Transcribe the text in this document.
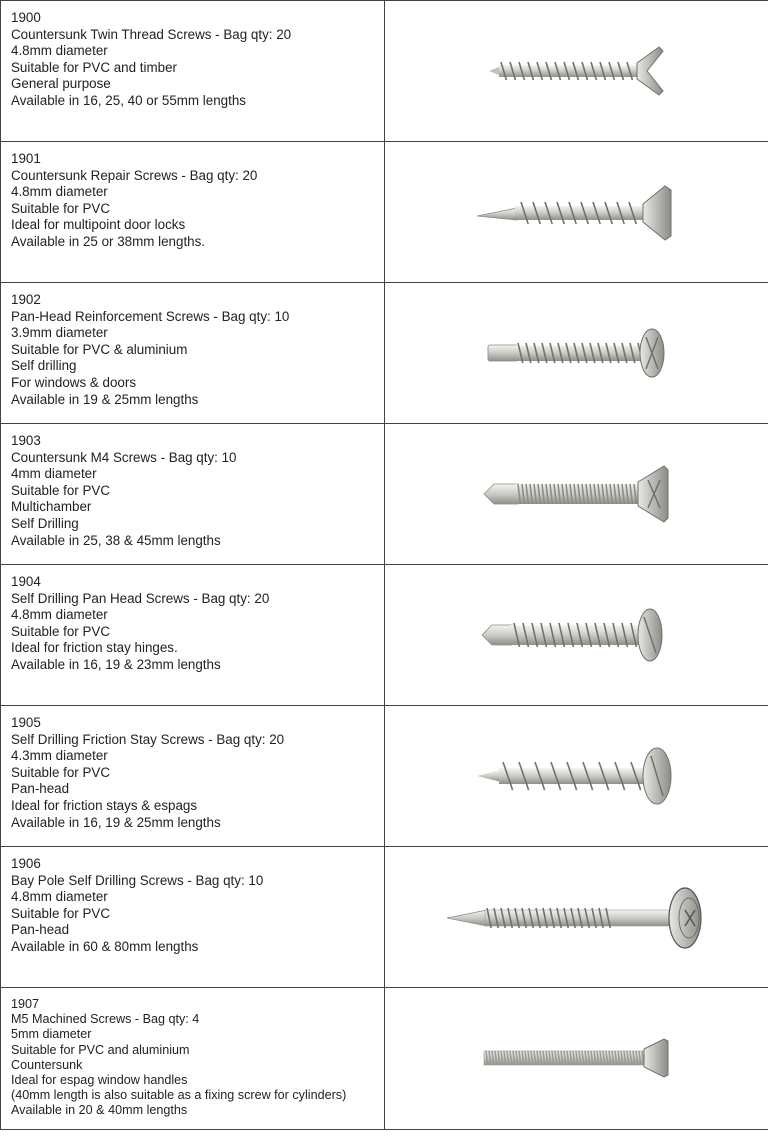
1900
Countersunk Twin Thread Screws - Bag qty: 20
4.8mm diameter
Suitable for PVC and timber
General purpose
Available in 16, 25, 40 or 55mm lengths

1901
Countersunk Repair Screws - Bag qty: 20
4.8mm diameter
Suitable for PVC
Ideal for multipoint door locks
Available in 25 or 38mm lengths.

1902
Pan-Head Reinforcement Screws - Bag qty: 10
3.9mm diameter
Suitable for PVC & aluminium
Self drilling
For windows & doors
Available in 19 & 25mm lengths

1903
Countersunk M4 Screws - Bag qty: 10
4mm diameter
Suitable for PVC
Multichamber
Self Drilling
Available in 25, 38 & 45mm lengths

1904
Self Drilling Pan Head Screws - Bag qty: 20
4.8mm diameter
Suitable for PVC
Ideal for friction stay hinges.
Available in 16, 19 & 23mm lengths

1905
Self Drilling Friction Stay Screws - Bag qty: 20
4.3mm diameter
Suitable for PVC
Pan-head
Ideal for friction stays & espags
Available in 16, 19 & 25mm lengths

1906
Bay Pole Self Drilling Screws - Bag qty: 10
4.8mm diameter
Suitable for PVC
Pan-head
Available in 60 & 80mm lengths

1907
M5 Machined Screws - Bag qty: 4
5mm diameter
Suitable for PVC and aluminium
Countersunk
Ideal for espag window handles
(40mm length is also suitable as a fixing screw for cylinders)
Available in 20 & 40mm lengths
